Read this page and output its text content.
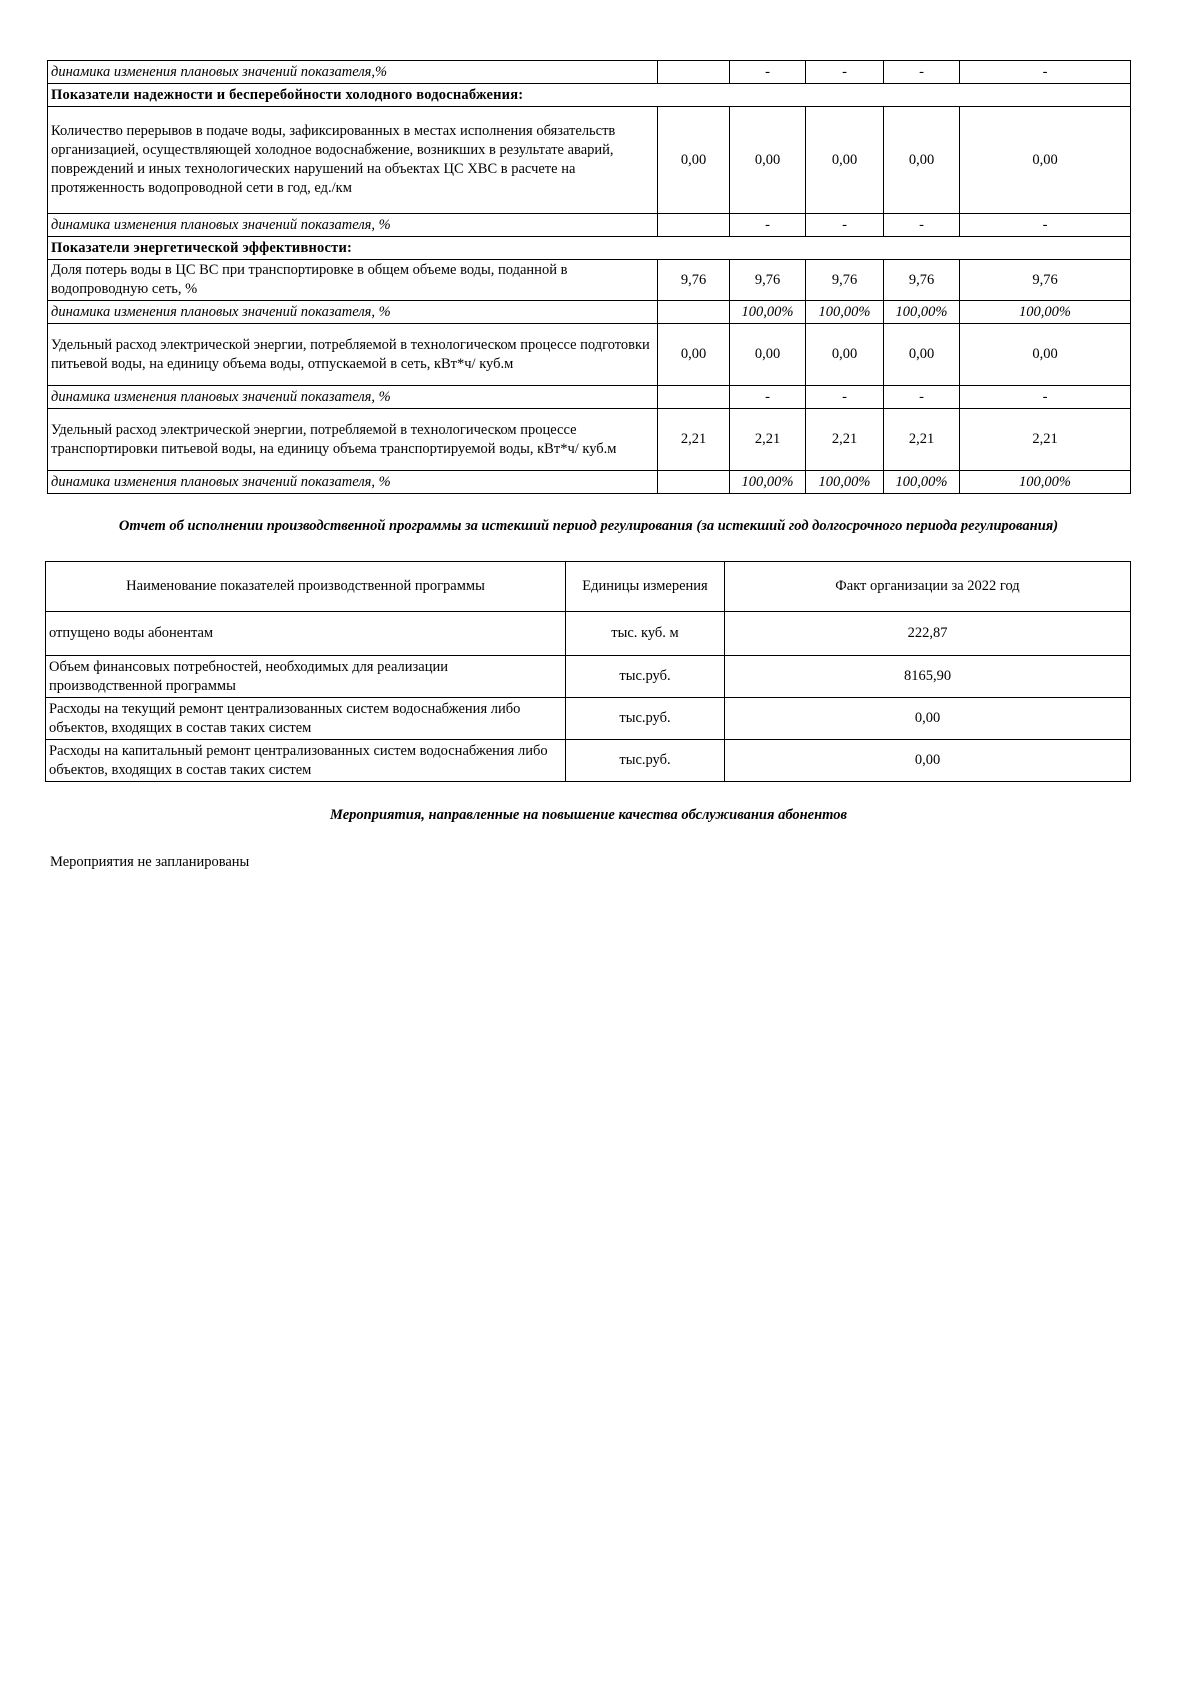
динамика изменения плановых значений показателя,%		-	-	-	-
Показатели надежности и бесперебойности холодного водоснабжения:					
Количество перерывов в подаче воды, зафиксированных в местах исполнения обязательств организацией, осуществляющей холодное водоснабжение, возникших в результате аварий, повреждений и иных технологических нарушений на объектах ЦС ХВС в расчете на протяженность водопроводной сети в год, ед./км	0,00	0,00	0,00	0,00	0,00
динамика изменения плановых значений показателя, %		-	-	-	-
Показатели энергетической эффективности:					
Доля потерь воды в ЦС ВС при транспортировке в общем объеме воды, поданной в водопроводную сеть, %	9,76	9,76	9,76	9,76	9,76
динамика изменения плановых значений показателя, %		100,00%	100,00%	100,00%	100,00%
Удельный расход электрической энергии, потребляемой в технологическом процессе подготовки питьевой воды, на единицу объема воды, отпускаемой в сеть, кВт*ч/ куб.м	0,00	0,00	0,00	0,00	0,00
динамика изменения плановых значений показателя, %		-	-	-	-
Удельный расход электрической энергии, потребляемой в технологическом процессе транспортировки питьевой воды, на единицу объема транспортируемой воды, кВт*ч/ куб.м	2,21	2,21	2,21	2,21	2,21
динамика изменения плановых значений показателя, %		100,00%	100,00%	100,00%	100,00%
Отчет об исполнении производственной программы за истекший период регулирования (за истекший год долгосрочного периода регулирования)
Наименование показателей производственной программы	Единицы измерения	Факт организации за 2022 год
отпущено воды абонентам	тыс. куб. м	222,87
Объем финансовых потребностей, необходимых для реализации производственной программы	тыс.руб.	8165,90
Расходы на текущий ремонт централизованных систем водоснабжения либо объектов, входящих в состав таких систем	тыс.руб.	0,00
Расходы на капитальный ремонт централизованных систем водоснабжения либо объектов, входящих в состав таких систем	тыс.руб.	0,00
Мероприятия, направленные на повышение качества обслуживания абонентов
Мероприятия не запланированы
